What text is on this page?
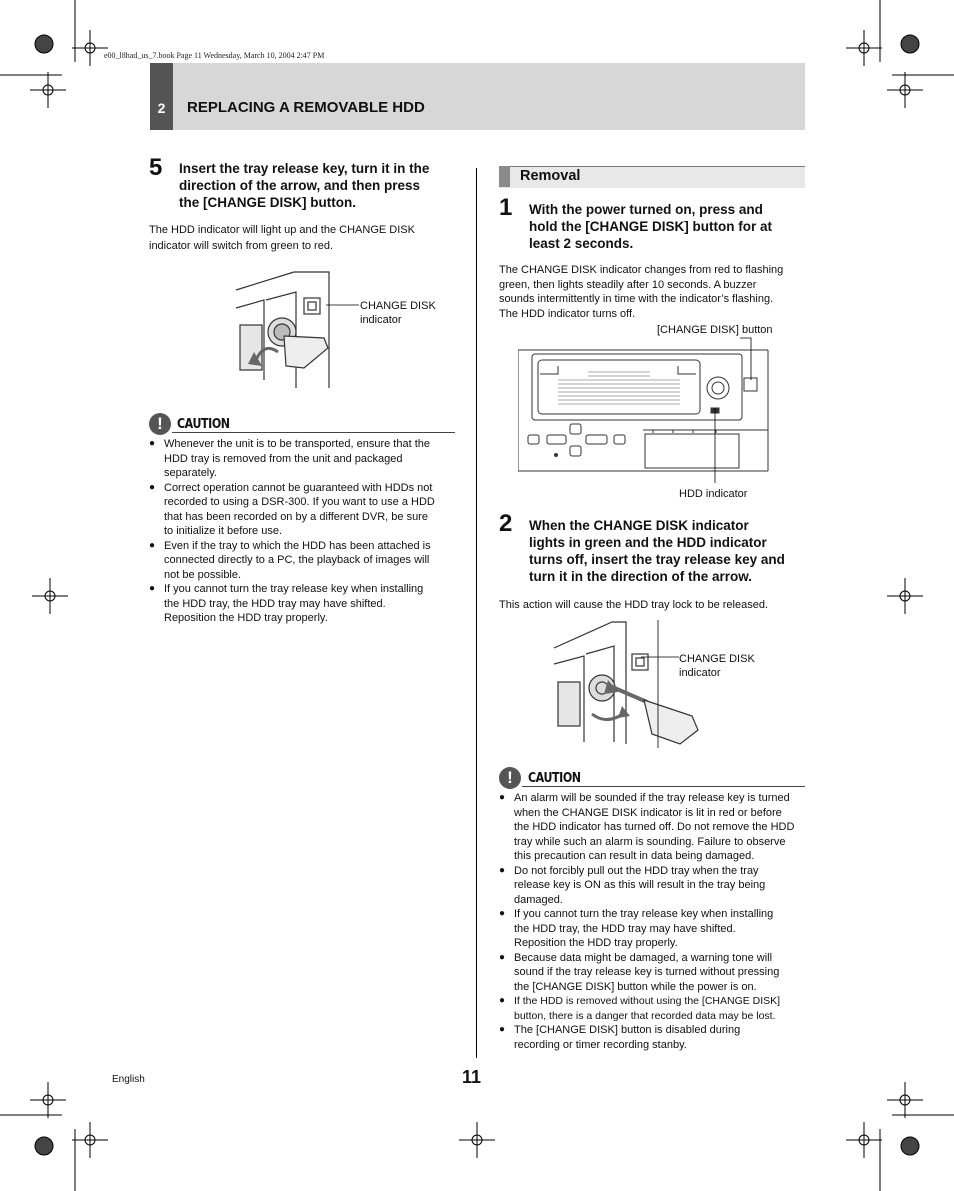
e00_l8had_us_7.book Page 11 Wednesday, March 10, 2004 2:47 PM
2	REPLACING A REMOVABLE HDD
5 Insert the tray release key, turn it in the
direction of the arrow, and then press
the [CHANGE DISK] button.
The HDD indicator will light up and the CHANGE DISK
indicator will switch from green to red.
CHANGE DISK
indicator
!	CAUTION
● Whenever the unit is to be transported, ensure that the
HDD tray is removed from the unit and packaged
separately.
● Correct operation cannot be guaranteed with HDDs not
recorded to using a DSR-300. If you want to use a HDD
that has been recorded on by a different DVR, be sure
to initialize it before use.
● Even if the tray to which the HDD has been attached is
connected directly to a PC, the playback of images will
not be possible.
● If you cannot turn the tray release key when installing
the HDD tray, the HDD tray may have shifted.
Reposition the HDD tray properly.
Removal
1 With the power turned on, press and
hold the [CHANGE DISK] button for at
least 2 seconds.
The CHANGE DISK indicator changes from red to flashing
green, then lights steadily after 10 seconds. A buzzer
sounds intermittently in time with the indicator’s flashing.
The HDD indicator turns off.
[CHANGE DISK] button
HDD indicator
2 When the CHANGE DISK indicator
lights in green and the HDD indicator
turns off, insert the tray release key and
turn it in the direction of the arrow.
This action will cause the HDD tray lock to be released.
CHANGE DISK
indicator
!	CAUTION
● An alarm will be sounded if the tray release key is turned
when the CHANGE DISK indicator is lit in red or before
the HDD indicator has turned off. Do not remove the HDD
tray while such an alarm is sounding. Failure to observe
this precaution can result in data being damaged.
● Do not forcibly pull out the HDD tray when the tray
release key is ON as this will result in the tray being
damaged.
● If you cannot turn the tray release key when installing
the HDD tray, the HDD tray may have shifted.
Reposition the HDD tray properly.
● Because data might be damaged, a warning tone will
sound if the tray release key is turned without pressing
the [CHANGE DISK] button while the power is on.
● If the HDD is removed without using the [CHANGE DISK]
button, there is a danger that recorded data may be lost.
● The [CHANGE DISK] button is disabled during
recording or timer recording stanby.
English	11
